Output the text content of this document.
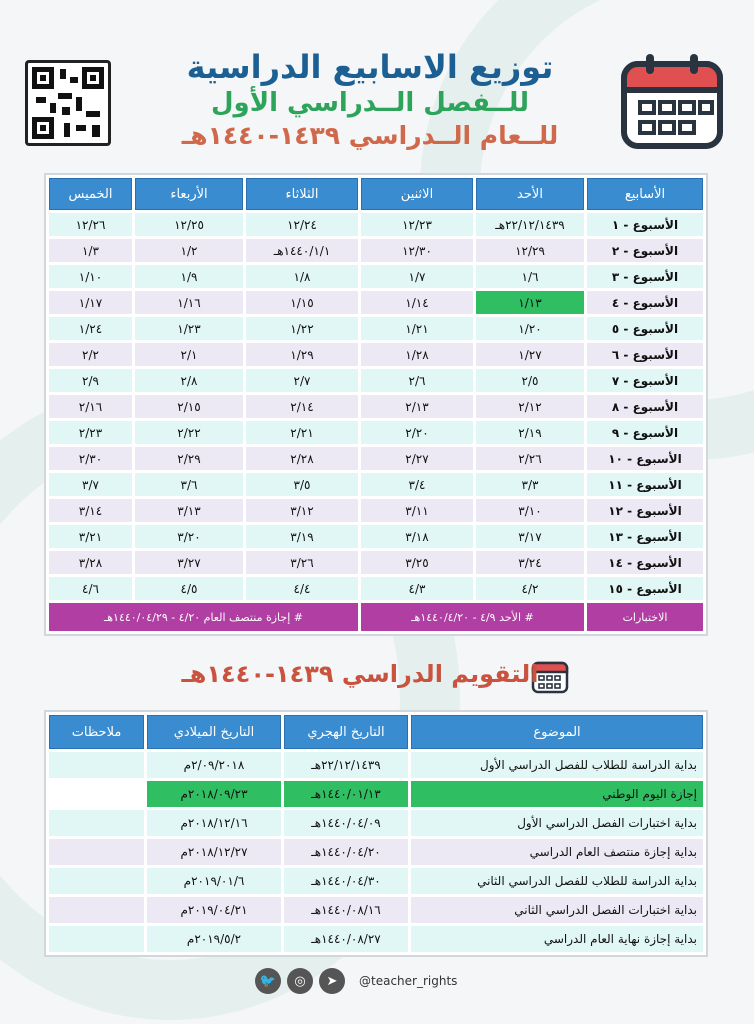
توزيع الاسابيع الدراسية
للــفصل الــدراسي الأول
للــعام الــدراسي ١٤٣٩-١٤٤٠هـ
الأسابيع	الأحد	الاثنين	الثلاثاء	الأربعاء	الخميس
الأسبوع - ١	٢٢/١٢/١٤٣٩هـ	١٢/٢٣	١٢/٢٤	١٢/٢٥	١٢/٢٦
الأسبوع - ٢	١٢/٢٩	١٢/٣٠	١٤٤٠/١/١هـ	١/٢	١/٣
الأسبوع - ٣	١/٦	١/٧	١/٨	١/٩	١/١٠
الأسبوع - ٤	١/١٣	١/١٤	١/١٥	١/١٦	١/١٧
الأسبوع - ٥	١/٢٠	١/٢١	١/٢٢	١/٢٣	١/٢٤
الأسبوع - ٦	١/٢٧	١/٢٨	١/٢٩	٢/١	٢/٢
الأسبوع - ٧	٢/٥	٢/٦	٢/٧	٢/٨	٢/٩
الأسبوع - ٨	٢/١٢	٢/١٣	٢/١٤	٢/١٥	٢/١٦
الأسبوع - ٩	٢/١٩	٢/٢٠	٢/٢١	٢/٢٢	٢/٢٣
الأسبوع - ١٠	٢/٢٦	٢/٢٧	٢/٢٨	٢/٢٩	٢/٣٠
الأسبوع - ١١	٣/٣	٣/٤	٣/٥	٣/٦	٣/٧
الأسبوع - ١٢	٣/١٠	٣/١١	٣/١٢	٣/١٣	٣/١٤
الأسبوع - ١٣	٣/١٧	٣/١٨	٣/١٩	٣/٢٠	٣/٢١
الأسبوع - ١٤	٣/٢٤	٣/٢٥	٣/٢٦	٣/٢٧	٣/٢٨
الأسبوع - ١٥	٤/٢	٤/٣	٤/٤	٤/٥	٤/٦
الاختبارات	# الأحد ٤/٩ - ١٤٤٠/٤/٢٠هـ		# إجازة منتصف العام ٤/٢٠ - ١٤٤٠/٠٤/٢٩هـ		
التقويم الدراسي ١٤٣٩-١٤٤٠هـ
الموضوع	التاريخ الهجري	التاريخ الميلادي	ملاحظات
بداية الدراسة للطلاب للفصل الدراسي الأول	٢٢/١٢/١٤٣٩هـ	٢/٠٩/٢٠١٨م	
إجازة اليوم الوطني	١٤٤٠/٠١/١٣هـ	٢٠١٨/٠٩/٢٣م	
بداية اختبارات الفصل الدراسي الأول	١٤٤٠/٠٤/٠٩هـ	٢٠١٨/١٢/١٦م	
بداية إجازة منتصف العام الدراسي	١٤٤٠/٠٤/٢٠هـ	٢٠١٨/١٢/٢٧م	
بداية الدراسة للطلاب للفصل الدراسي الثاني	١٤٤٠/٠٤/٣٠هـ	٢٠١٩/٠١/٦م	
بداية اختبارات الفصل الدراسي الثاني	١٤٤٠/٠٨/١٦هـ	٢٠١٩/٠٤/٢١م	
بداية إجازة نهاية العام الدراسي	١٤٤٠/٠٨/٢٧هـ	٢٠١٩/٥/٢م	
🐦	◎	➤	@teacher_rights
